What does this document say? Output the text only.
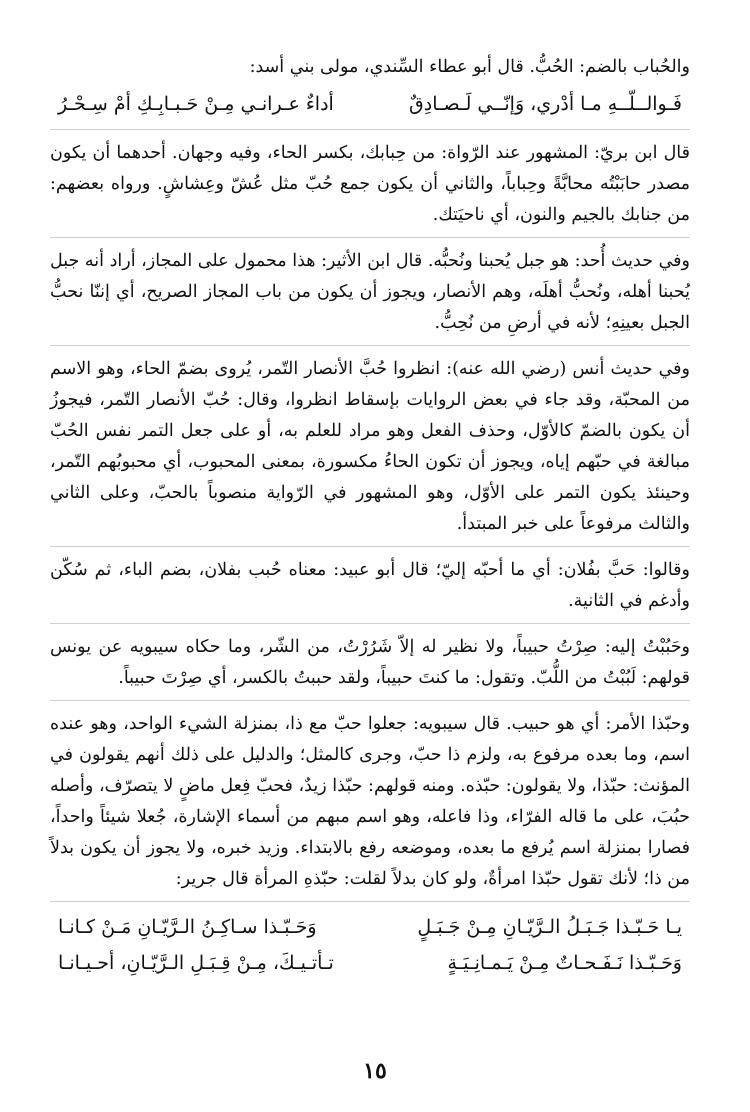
والحُباب بالضم: الحُبُّ. قال أبو عطاء السِّندي، مولى بني أسد:

فَـوالــلّــهِ مـا أدْري، وَإنّــي لَـصـادِقٌ
أداءٌ عـرانـي مِـنْ حَـبـابِـكِ أمْ سِـحْـرُ

قال ابن بريّ: المشهور عند الرّواة: من حِبابك، بكسر الحاء، وفيه وجهان. أحدهما أن يكون مصدر حابَبْتُه محابَّةً وحِباباً، والثاني أن يكون جمع حُبّ مثل عُشّ وعِشاشٍ. ورواه بعضهم: من جنابك بالجيم والنون، أي ناحيَتك.

وفي حديث أُحد: هو جبل يُحبنا ونُحبُّه. قال ابن الأثير: هذا محمول على المجاز، أراد أنه جبل يُحبنا أهله، ونُحبُّ أهلَه، وهم الأنصار، ويجوز أن يكون من باب المجاز الصريح، أي إننّا نحبُّ الجبل بعينِهِ؛ لأنه في أرضِ من نُحِبُّ.

وفي حديث أنس (رضي الله عنه): انظروا حُبَّ الأنصار التّمر، يُروى بضمّ الحاء، وهو الاسم من المحبّة، وقد جاء في بعض الروايات بإسقاط انظروا، وقال: حُبّ الأنصار التّمر، فيجوزُ أن يكون بالضمّ كالأوّل، وحذف الفعل وهو مراد للعلم به، أو على جعل التمر نفس الحُبّ مبالغة في حبّهم إياه، ويجوز أن تكون الحاءُ مكسورة، بمعنى المحبوب، أي محبوبُهم التّمر، وحينئذ يكون التمر على الأوّل، وهو المشهور في الرّواية منصوباً بالحبّ، وعلى الثاني والثالث مرفوعاً على خبر المبتدأ.

وقالوا: حَبَّ بفُلان: أي ما أحبّه إليّ؛ قال أبو عبيد: معناه حُبب بفلان، بضم الباء، ثم سُكّن وأدغم في الثانية.

وحَبُبْتُ إليه: صِرْتُ حبيباً، ولا نظير له إلاّ شَرُرْتُ، من الشّر، وما حكاه سيبويه عن يونس قولهم: لَبُبْتُ من اللُّبّ. وتقول: ما كنتَ حبيباً، ولقد حببتُ بالكسر، أي صِرْتَ حبيباً.

وحبّذا الأمر: أي هو حبيب. قال سيبويه: جعلوا حبّ مع ذا، بمنزلة الشيء الواحد، وهو عنده اسم، وما بعده مرفوع به، ولزم ذا حبّ، وجرى كالمثل؛ والدليل على ذلك أنهم يقولون في المؤنث: حبّذا، ولا يقولون: حبّذه. ومنه قولهم: حبّذا زيدٌ، فحبّ فِعل ماضٍ لا يتصرّف، وأصله حبُبَ، على ما قاله الفرّاء، وذا فاعله، وهو اسم مبهم من أسماء الإشارة، جُعلا شيئاً واحداً، فصارا بمنزلة اسم يُرفع ما بعده، وموضعه رفع بالابتداء. وزيد خبره، ولا يجوز أن يكون بدلاً من ذا؛ لأنك تقول حبّذا امرأةٌ، ولو كان بدلاً لقلت: حبّذهِ المرأة قال جرير:

يـا حَـبّـذا جَـبَـلُ الـرَّيّـانِ مِـنْ جَـبَـلٍ
وَحَـبّـذا سـاكِـنُ الـرَّيّـانِ مَـنْ كـانـا
وَحَـبّـذا نَـفَـحـاتٌ مِـنْ يَـمـانِـيَـةٍ
تـأتـيـكَ، مِـنْ قِـبَـلِ الـرَّيّـانِ، أحـيـانـا
١٥
